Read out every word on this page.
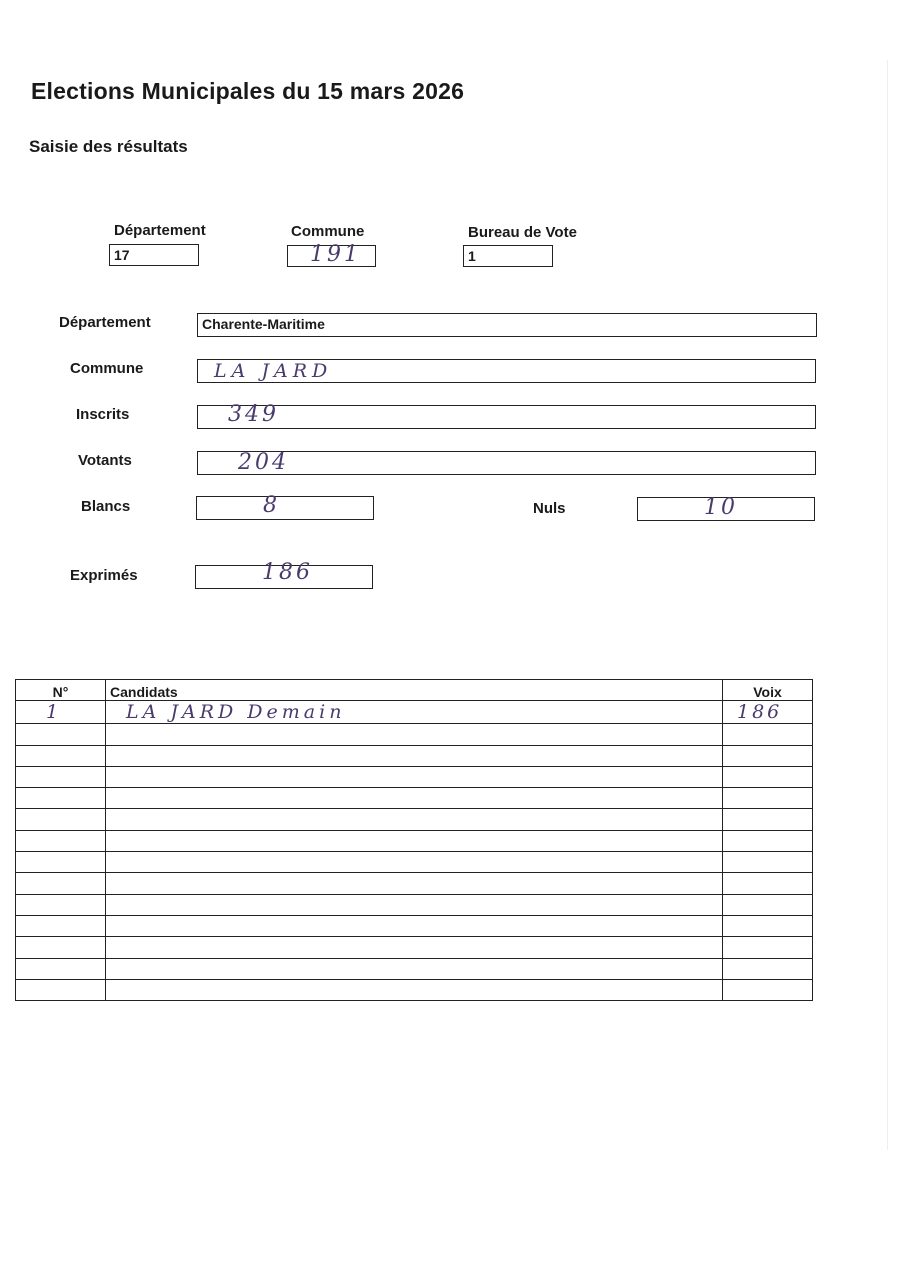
Elections Municipales du 15 mars 2026
Saisie des résultats
Département
17
Commune
191
Bureau de Vote
1
Département	Charente-Maritime
Commune	LA JARD
Inscrits	349
Votants	204
Blancs	8	Nuls	10
Exprimés	186
N°	Candidats	Voix
1	LA JARD Demain	186
